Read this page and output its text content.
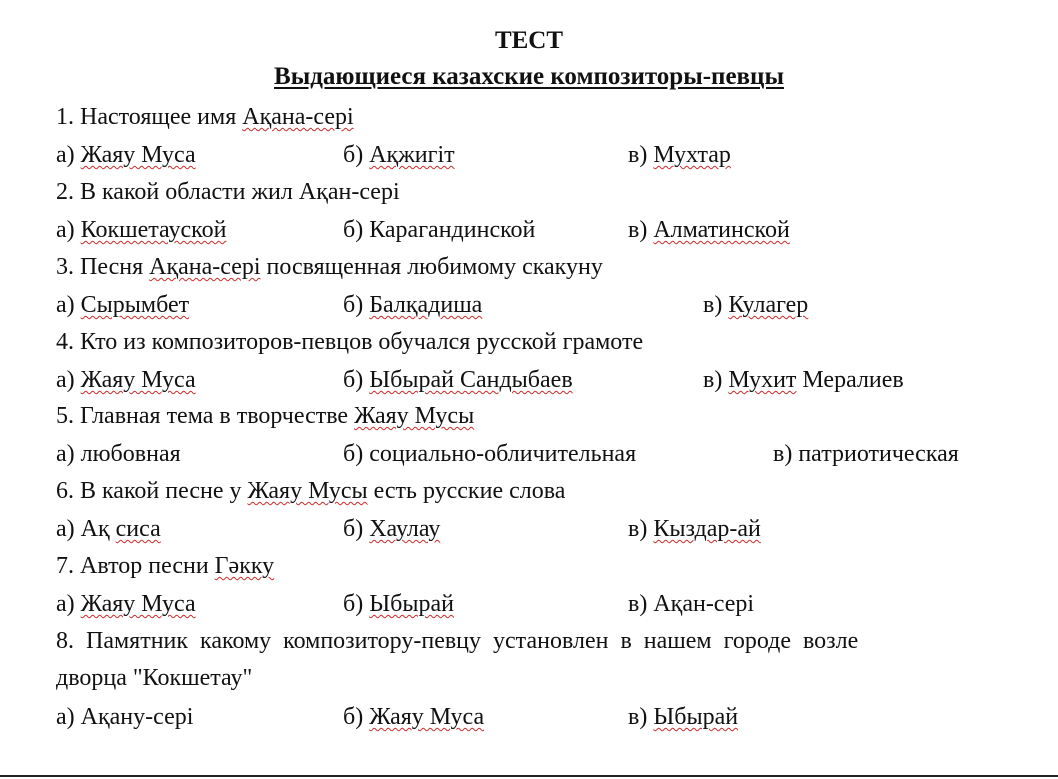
ТЕСТ
Выдающиеся казахские композиторы-певцы
1. Настоящее имя Ақана-сері
а) Жаяу Муса	б) Ақжигіт	в) Мухтар
2. В какой области жил Ақан-сері
а) Кокшетауской	б) Карагандинской	в) Алматинской
3. Песня Ақана-сері посвященная любимому скакуну
а) Сырымбет	б) Балқадиша	в) Кулагер
4. Кто из композиторов-певцов обучался русской грамоте
а) Жаяу Муса	б) Ыбырай Сандыбаев	в) Мухит Мералиев
5. Главная тема в творчестве Жаяу Мусы
а) любовная	б) социально-обличительная	в) патриотическая
6. В какой песне у Жаяу Мусы есть русские слова
а) Ақ сиса	б) Хаулау	в) Кыздар-ай
7. Автор песни Гәкку
а) Жаяу Муса	б) Ыбырай	в) Ақан-сері
8.  Памятник  какому  композитору-певцу  установлен  в  нашем  городе  возле
дворца "Кокшетау"
а) Ақану-сері	б) Жаяу Муса	в) Ыбырай
